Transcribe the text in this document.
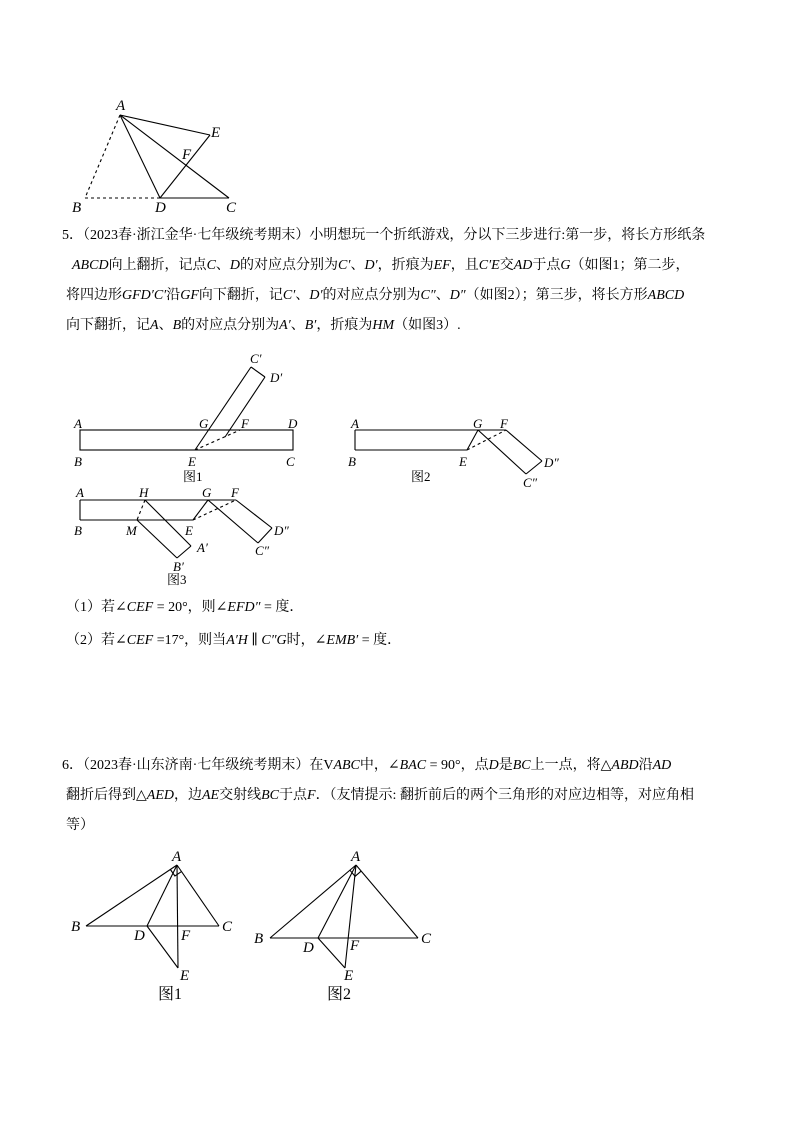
A
E
F
B	D	C
A	D
B	C
G	F
E
C′
D′
图1
A
B
G F
E	D″
C″
图2
A	H	G F
B	M	E	D″
C″
A′
B′
图3
A
B	C
D F
E
图1
A
B	C
D F
E
图2
5．（2023春·浙江金华·七年级统考期末）小明想玩一个折纸游戏，分以下三步进行:第一步，将长方形纸条
ABCD向上翻折，记点C、D的对应点分别为C′、D′，折痕为EF，且C′E交AD于点G（如图1；第二步，
将四边形GFD′C′沿GF向下翻折，记C′、D′的对应点分别为C″、D″（如图2）；第三步，将长方形ABCD
向下翻折，记A、B的对应点分别为A′、B′，折痕为HM（如图3）.
（1）若∠CEF = 20°，则∠EFD″ = 度．
（2）若∠CEF =17°，则当A′H ∥ C″G时，∠EMB′ = 度．
6．（2023春·山东济南·七年级统考期末）在VABC中，∠BAC = 90°，点D是BC上一点，将△ABD沿AD
翻折后得到△AED，边AE交射线BC于点F．（友情提示: 翻折前后的两个三角形的对应边相等，对应角相
等）
